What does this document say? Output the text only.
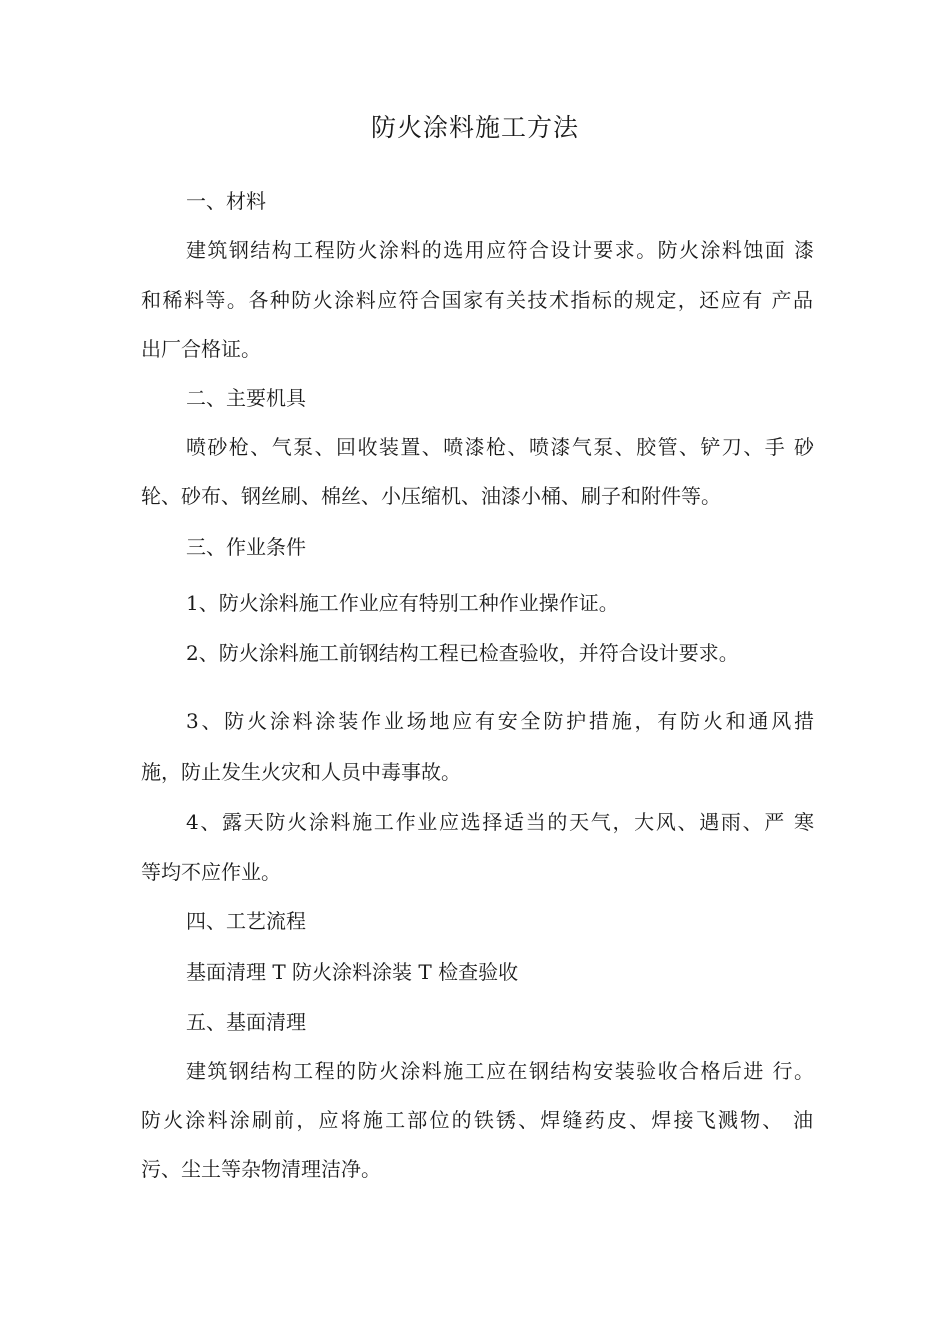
防火涂料施工方法
一、材料
建筑钢结构工程防火涂料的选用应符合设计要求。防火涂料蚀面 漆
和稀料等。各种防火涂料应符合国家有关技术指标的规定，还应有 产品
出厂合格证。
二、主要机具
喷砂枪、气泵、回收装置、喷漆枪、喷漆气泵、胶管、铲刀、手 砂
轮、砂布、钢丝刷、棉丝、小压缩机、油漆小桶、刷子和附件等。
三、作业条件
1、防火涂料施工作业应有特别工种作业操作证。
2、防火涂料施工前钢结构工程已检查验收，并符合设计要求。
3、防火涂料涂装作业场地应有安全防护措施，有防火和通风措
施，防止发生火灾和人员中毒事故。
4、露天防火涂料施工作业应选择适当的天气，大风、遇雨、严 寒
等均不应作业。
四、工艺流程
基面清理 T 防火涂料涂装 T 检查验收
五、基面清理
建筑钢结构工程的防火涂料施工应在钢结构安装验收合格后进 行。
防火涂料涂刷前，应将施工部位的铁锈、焊缝药皮、焊接飞溅物、 油
污、尘土等杂物清理洁净。
